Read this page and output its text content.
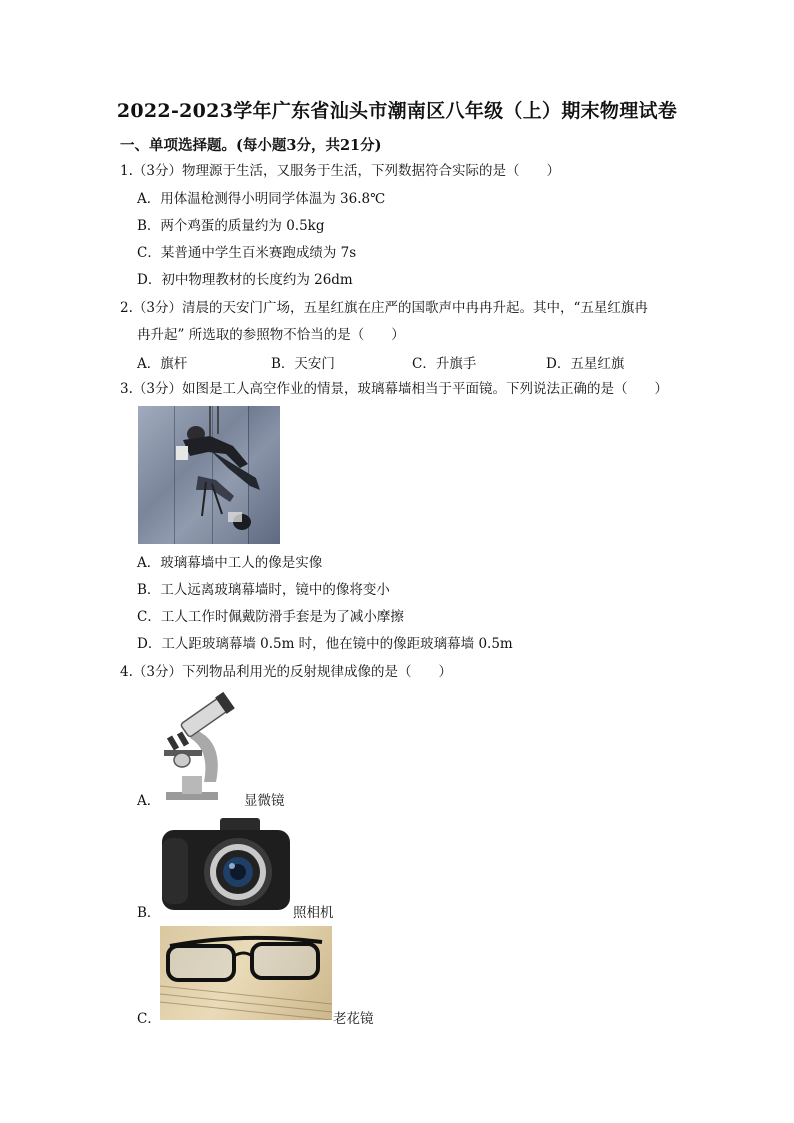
2022-2023学年广东省汕头市潮南区八年级（上）期末物理试卷
一、单项选择题。(每小题3分，共21分)
1.（3分）物理源于生活，又服务于生活，下列数据符合实际的是（　　）
A．用体温枪测得小明同学体温为 36.8℃
B．两个鸡蛋的质量约为 0.5kg
C．某普通中学生百米赛跑成绩为 7s
D．初中物理教材的长度约为 26dm
2.（3分）清晨的天安门广场，五星红旗在庄严的国歌声中冉冉升起。其中，“五星红旗冉
冉升起” 所选取的参照物不恰当的是（　　）
A．旗杆	B．天安门	C．升旗手	D．五星红旗
3.（3分）如图是工人高空作业的情景，玻璃幕墙相当于平面镜。下列说法正确的是（　　）
A．玻璃幕墙中工人的像是实像
B．工人远离玻璃幕墙时，镜中的像将变小
C．工人工作时佩戴防滑手套是为了减小摩擦
D．工人距玻璃幕墙 0.5m 时，他在镜中的像距玻璃幕墙 0.5m
4.（3分）下列物品利用光的反射规律成像的是（　　）
A．	显微镜
B．	照相机
C．	老花镜
